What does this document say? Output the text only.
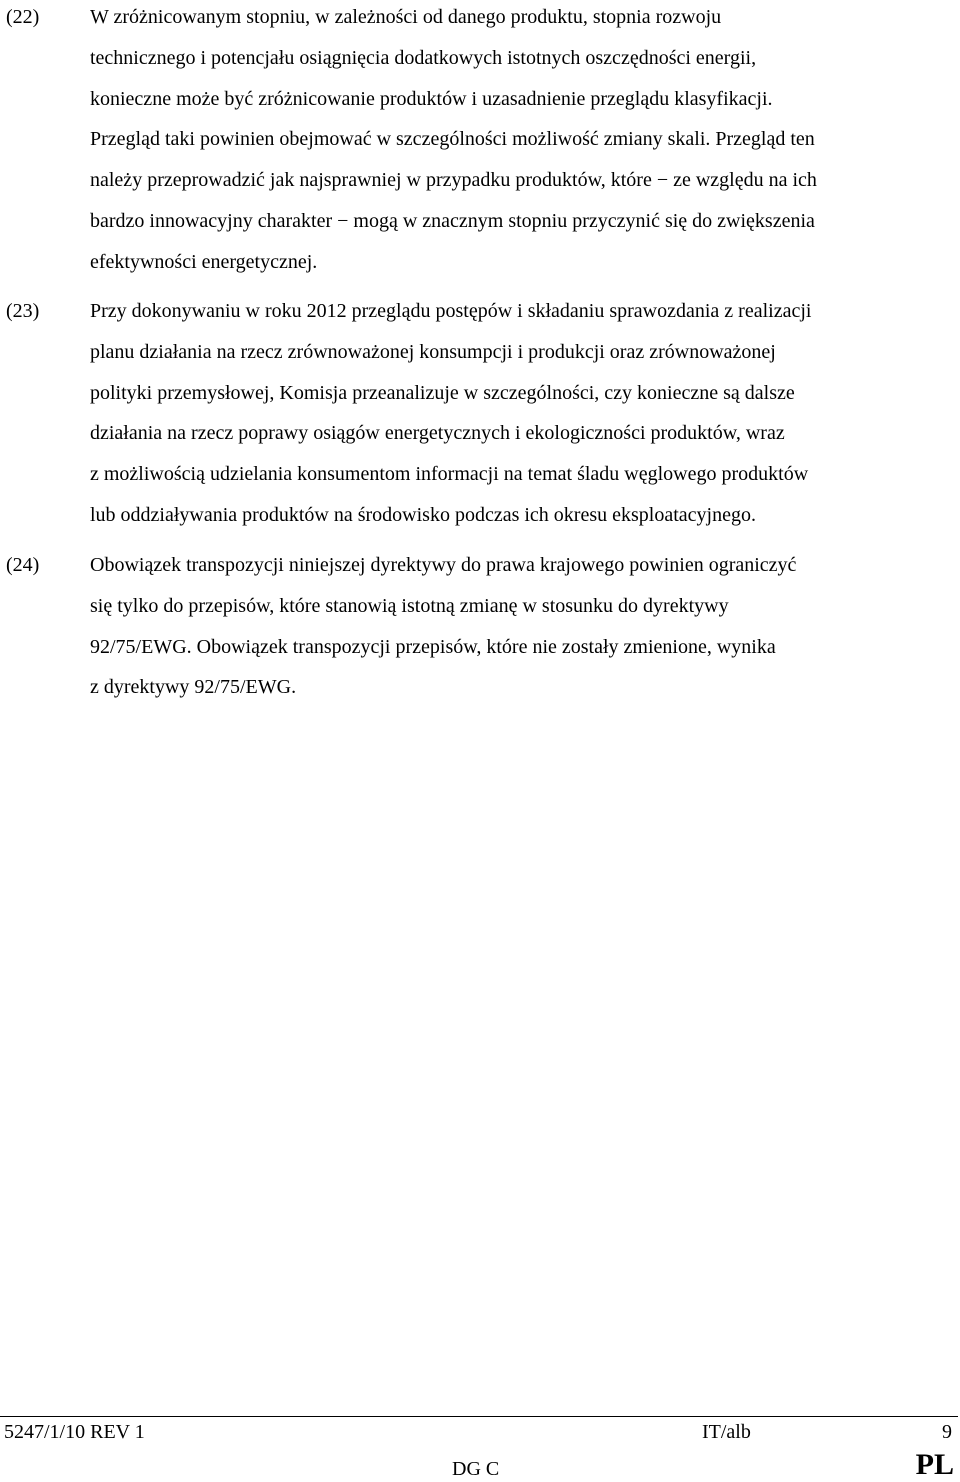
(22)	W zróżnicowanym stopniu, w zależności od danego produktu, stopnia rozwoju
technicznego i potencjału osiągnięcia dodatkowych istotnych oszczędności energii,
konieczne może być zróżnicowanie produktów i uzasadnienie przeglądu klasyfikacji.
Przegląd taki powinien obejmować w szczególności możliwość zmiany skali. Przegląd ten
należy przeprowadzić jak najsprawniej w przypadku produktów, które − ze względu na ich
bardzo innowacyjny charakter − mogą w znacznym stopniu przyczynić się do zwiększenia
efektywności energetycznej.
(23)	Przy dokonywaniu w roku 2012 przeglądu postępów i składaniu sprawozdania z realizacji
planu działania na rzecz zrównoważonej konsumpcji i produkcji oraz zrównoważonej
polityki przemysłowej, Komisja przeanalizuje w szczególności, czy konieczne są dalsze
działania na rzecz poprawy osiągów energetycznych i ekologiczności produktów, wraz
z możliwością udzielania konsumentom informacji na temat śladu węglowego produktów
lub oddziaływania produktów na środowisko podczas ich okresu eksploatacyjnego.
(24)	Obowiązek transpozycji niniejszej dyrektywy do prawa krajowego powinien ograniczyć
się tylko do przepisów, które stanowią istotną zmianę w stosunku do dyrektywy
92/75/EWG. Obowiązek transpozycji przepisów, które nie zostały zmienione, wynika
z dyrektywy 92/75/EWG.
5247/1/10 REV 1	IT/alb	9
DG C	PL
